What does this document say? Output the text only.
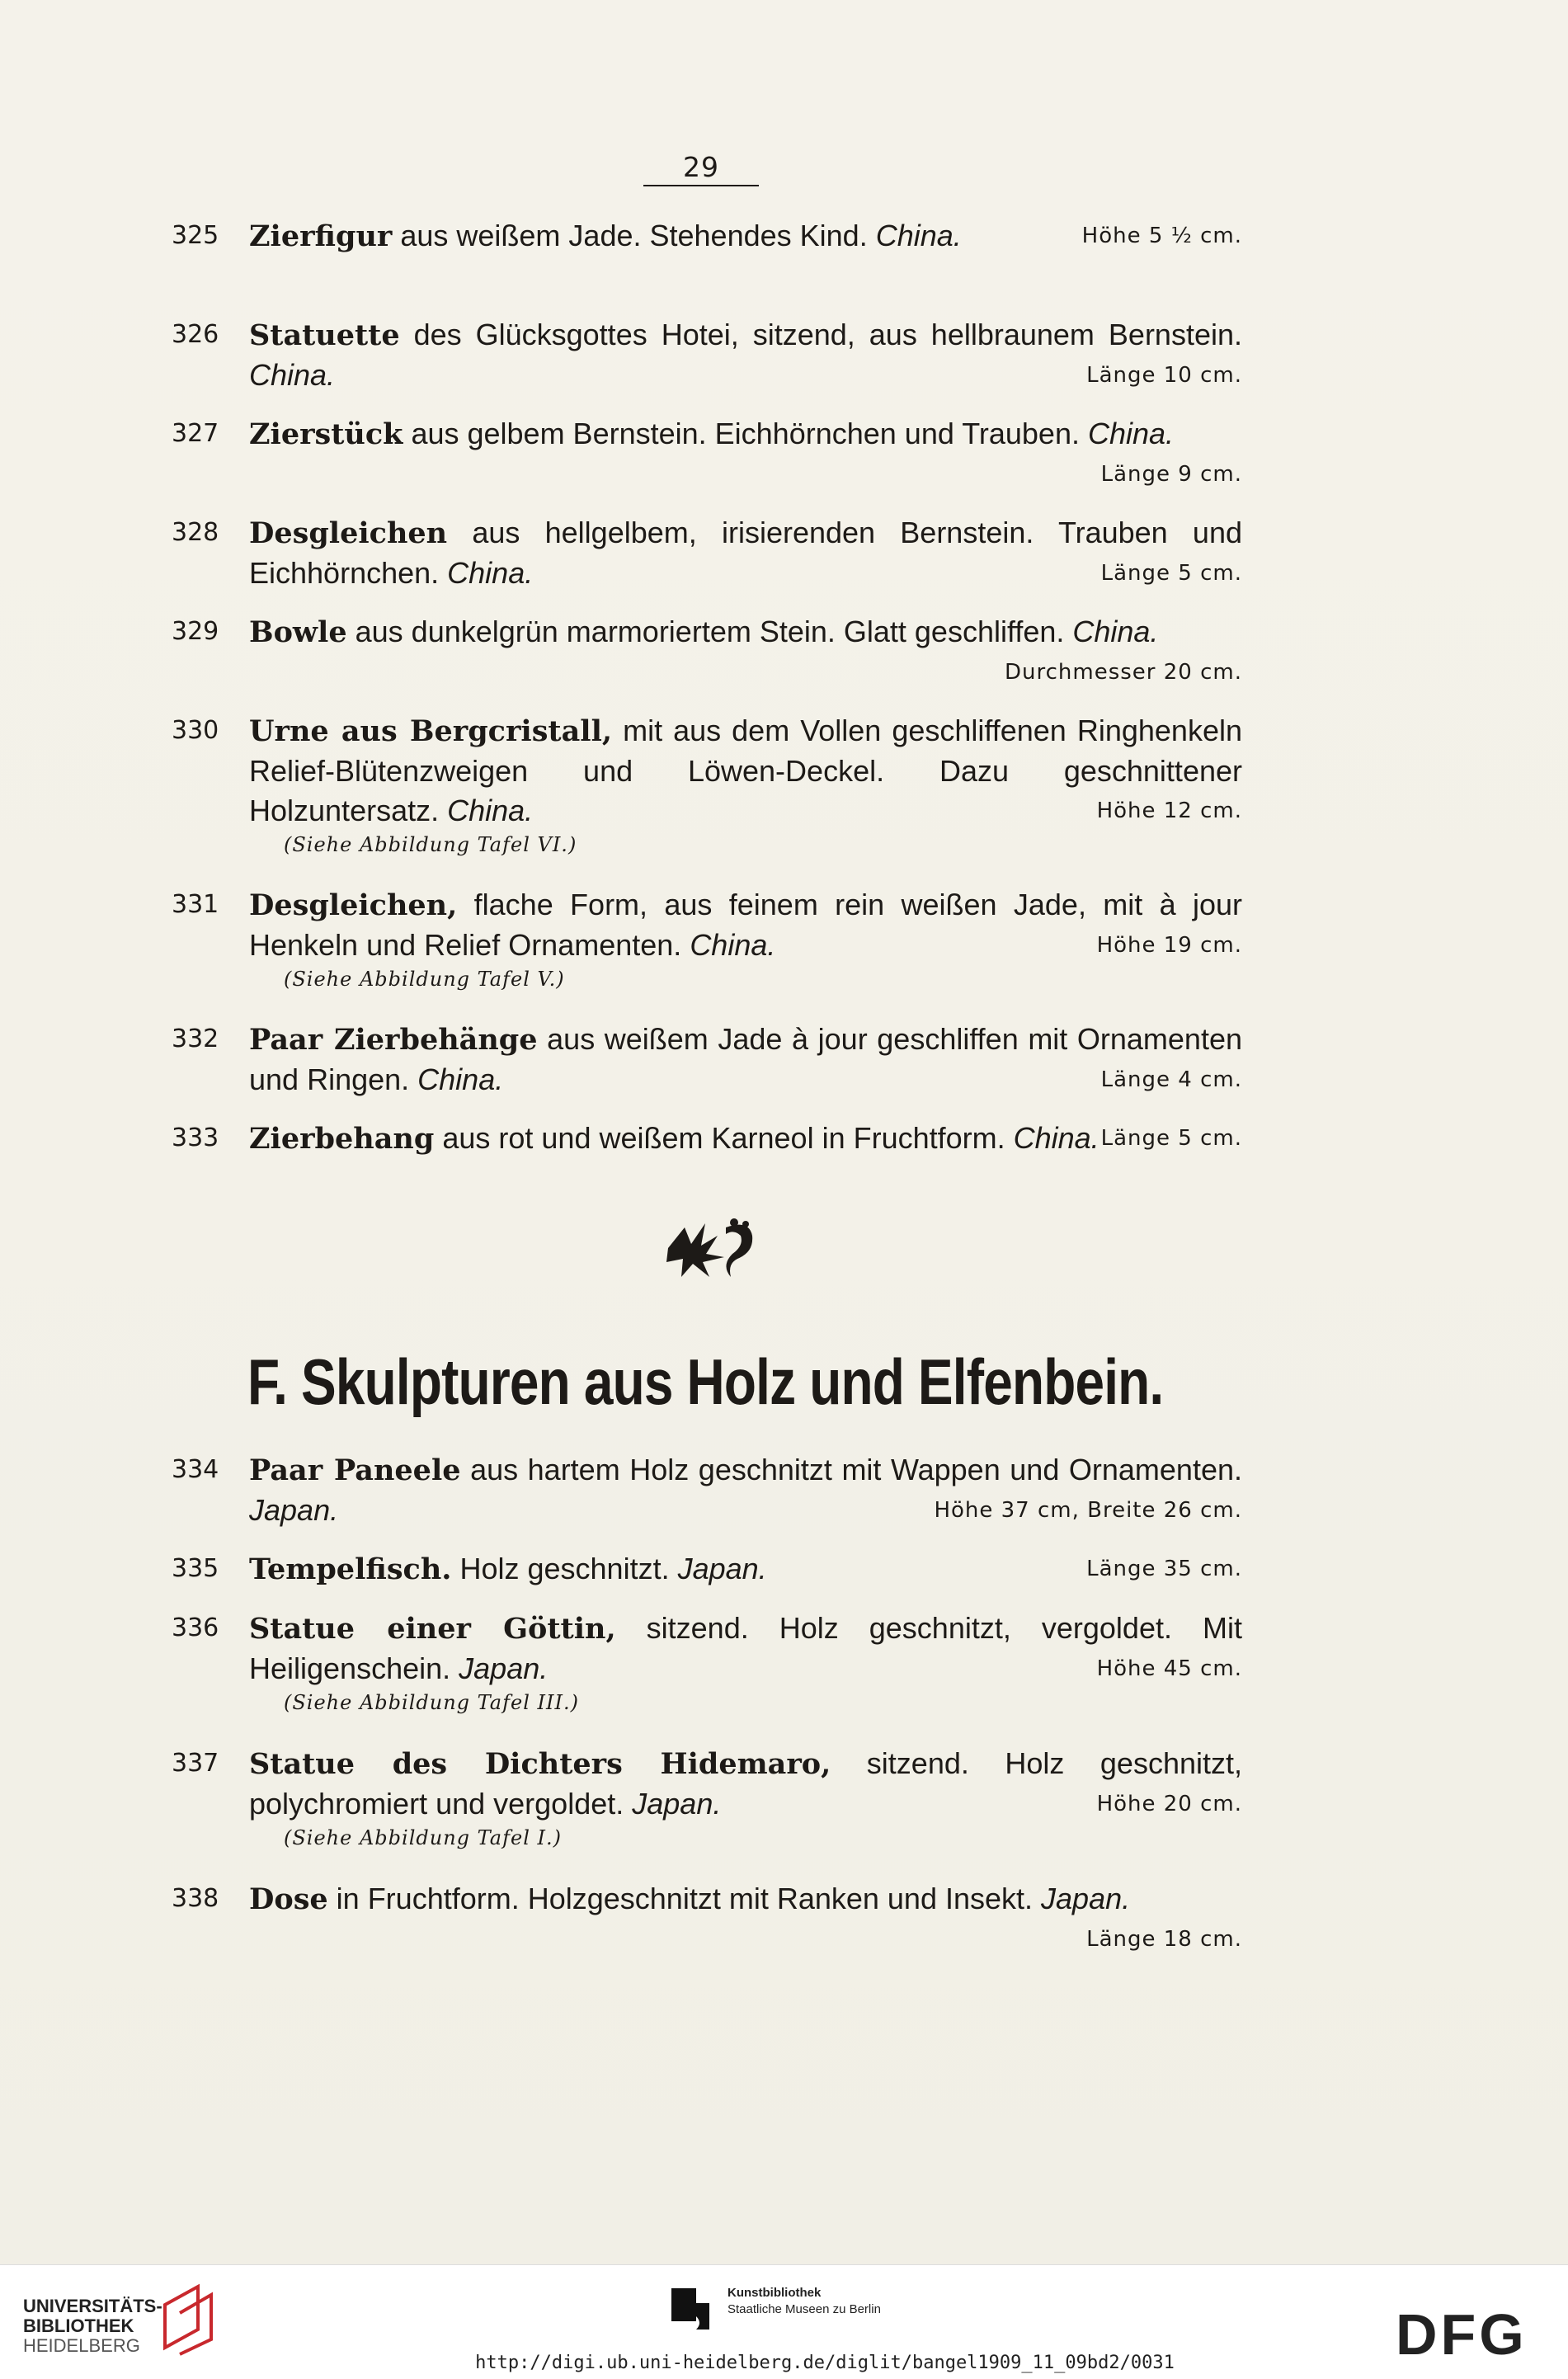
29
325	Zierfigur aus weißem Jade. Stehendes Kind. China.	Höhe 5 ½ cm.
326	Statuette des Glücksgottes Hotei, sitzend, aus hellbraunem Bernstein. China.	Länge 10 cm.
327	Zierstück aus gelbem Bernstein. Eichhörnchen und Trauben. China.
Länge 9 cm.
328	Desgleichen aus hellgelbem, irisierenden Bernstein. Trauben und Eichhörnchen. China.	Länge 5 cm.
329	Bowle aus dunkelgrün marmoriertem Stein. Glatt geschliffen. China.
Durchmesser 20 cm.
330	Urne aus Bergcristall, mit aus dem Vollen geschliffenen Ringhenkeln Relief-Blütenzweigen und Löwen-Deckel. Dazu geschnittener Holzuntersatz. China.	Höhe 12 cm.
(Siehe Abbildung Tafel VI.)
331	Desgleichen, flache Form, aus feinem rein weißen Jade, mit à jour Henkeln und Relief Ornamenten. China.	Höhe 19 cm.
(Siehe Abbildung Tafel V.)
332	Paar Zierbehänge aus weißem Jade à jour geschliffen mit Ornamenten und Ringen. China.	Länge 4 cm.
333	Zierbehang aus rot und weißem Karneol in Fruchtform. China. Länge 5 cm.
334	Paar Paneele aus hartem Holz geschnitzt mit Wappen und Ornamenten. Japan.	Höhe 37 cm, Breite 26 cm.
335	Tempelfisch. Holz geschnitzt. Japan.	Länge 35 cm.
336	Statue einer Göttin, sitzend. Holz geschnitzt, vergoldet. Mit Heiligenschein. Japan.	Höhe 45 cm.
(Siehe Abbildung Tafel III.)
337	Statue des Dichters Hidemaro, sitzend. Holz geschnitzt, polychromiert und vergoldet. Japan.	Höhe 20 cm.
(Siehe Abbildung Tafel I.)
338	Dose in Fruchtform. Holzgeschnitzt mit Ranken und Insekt. Japan.
Länge 18 cm.
F. Skulpturen aus Holz und Elfenbein.
UNIVERSITÄTS-
BIBLIOTHEK
HEIDELBERG
Kunstbibliothek
Staatliche Museen zu Berlin	DFG
http://digi.ub.uni-heidelberg.de/diglit/bangel1909_11_09bd2/0031
